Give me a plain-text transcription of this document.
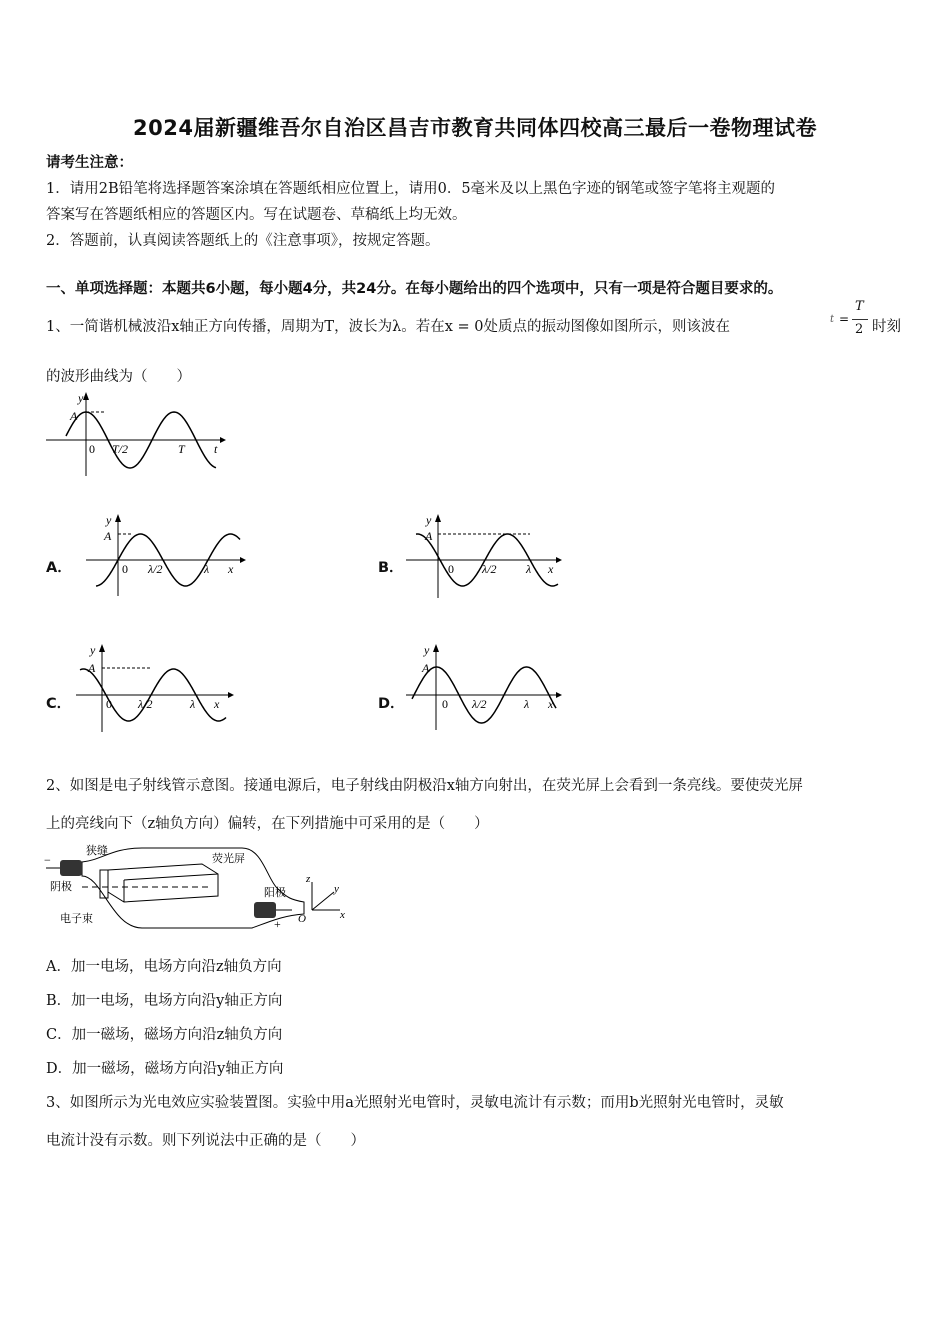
2024届新疆维吾尔自治区昌吉市教育共同体四校高三最后一卷物理试卷
请考生注意：
1．请用2B铅笔将选择题答案涂填在答题纸相应位置上，请用0．5毫米及以上黑色字迹的钢笔或签字笔将主观题的
答案写在答题纸相应的答题区内。写在试题卷、草稿纸上均无效。
2．答题前，认真阅读答题纸上的《注意事项》，按规定答题。
一、单项选择题：本题共6小题，每小题4分，共24分。在每小题给出的四个选项中，只有一项是符合题目要求的。
1、一简谐机械波沿x轴正方向传播，周期为T，波长为λ。若在x = 0处质点的振动图像如图所示，则该波在	t =
T
2 时刻
的波形曲线为（　　）
y
A
0 T/2	T t
A．
y
A
0 λ/2	λ x	B．
y
A
0 λ/2 λ x
C．
y
A
0 λ/2	λ x	D．
y
A
0 λ/2	λ x
2、如图是电子射线管示意图。接通电源后，电子射线由阴极沿x轴方向射出，在荧光屏上会看到一条亮线。要使荧光屏
上的亮线向下（z轴负方向）偏转，在下列措施中可采用的是（　　）
狭缝
荧光屏
阴极	阳极
电子束
−
+
z
y
x
O
A．加一电场，电场方向沿z轴负方向
B．加一电场，电场方向沿y轴正方向
C．加一磁场，磁场方向沿z轴负方向
D．加一磁场，磁场方向沿y轴正方向
3、如图所示为光电效应实验装置图。实验中用a光照射光电管时，灵敏电流计有示数；而用b光照射光电管时，灵敏
电流计没有示数。则下列说法中正确的是（　　）
